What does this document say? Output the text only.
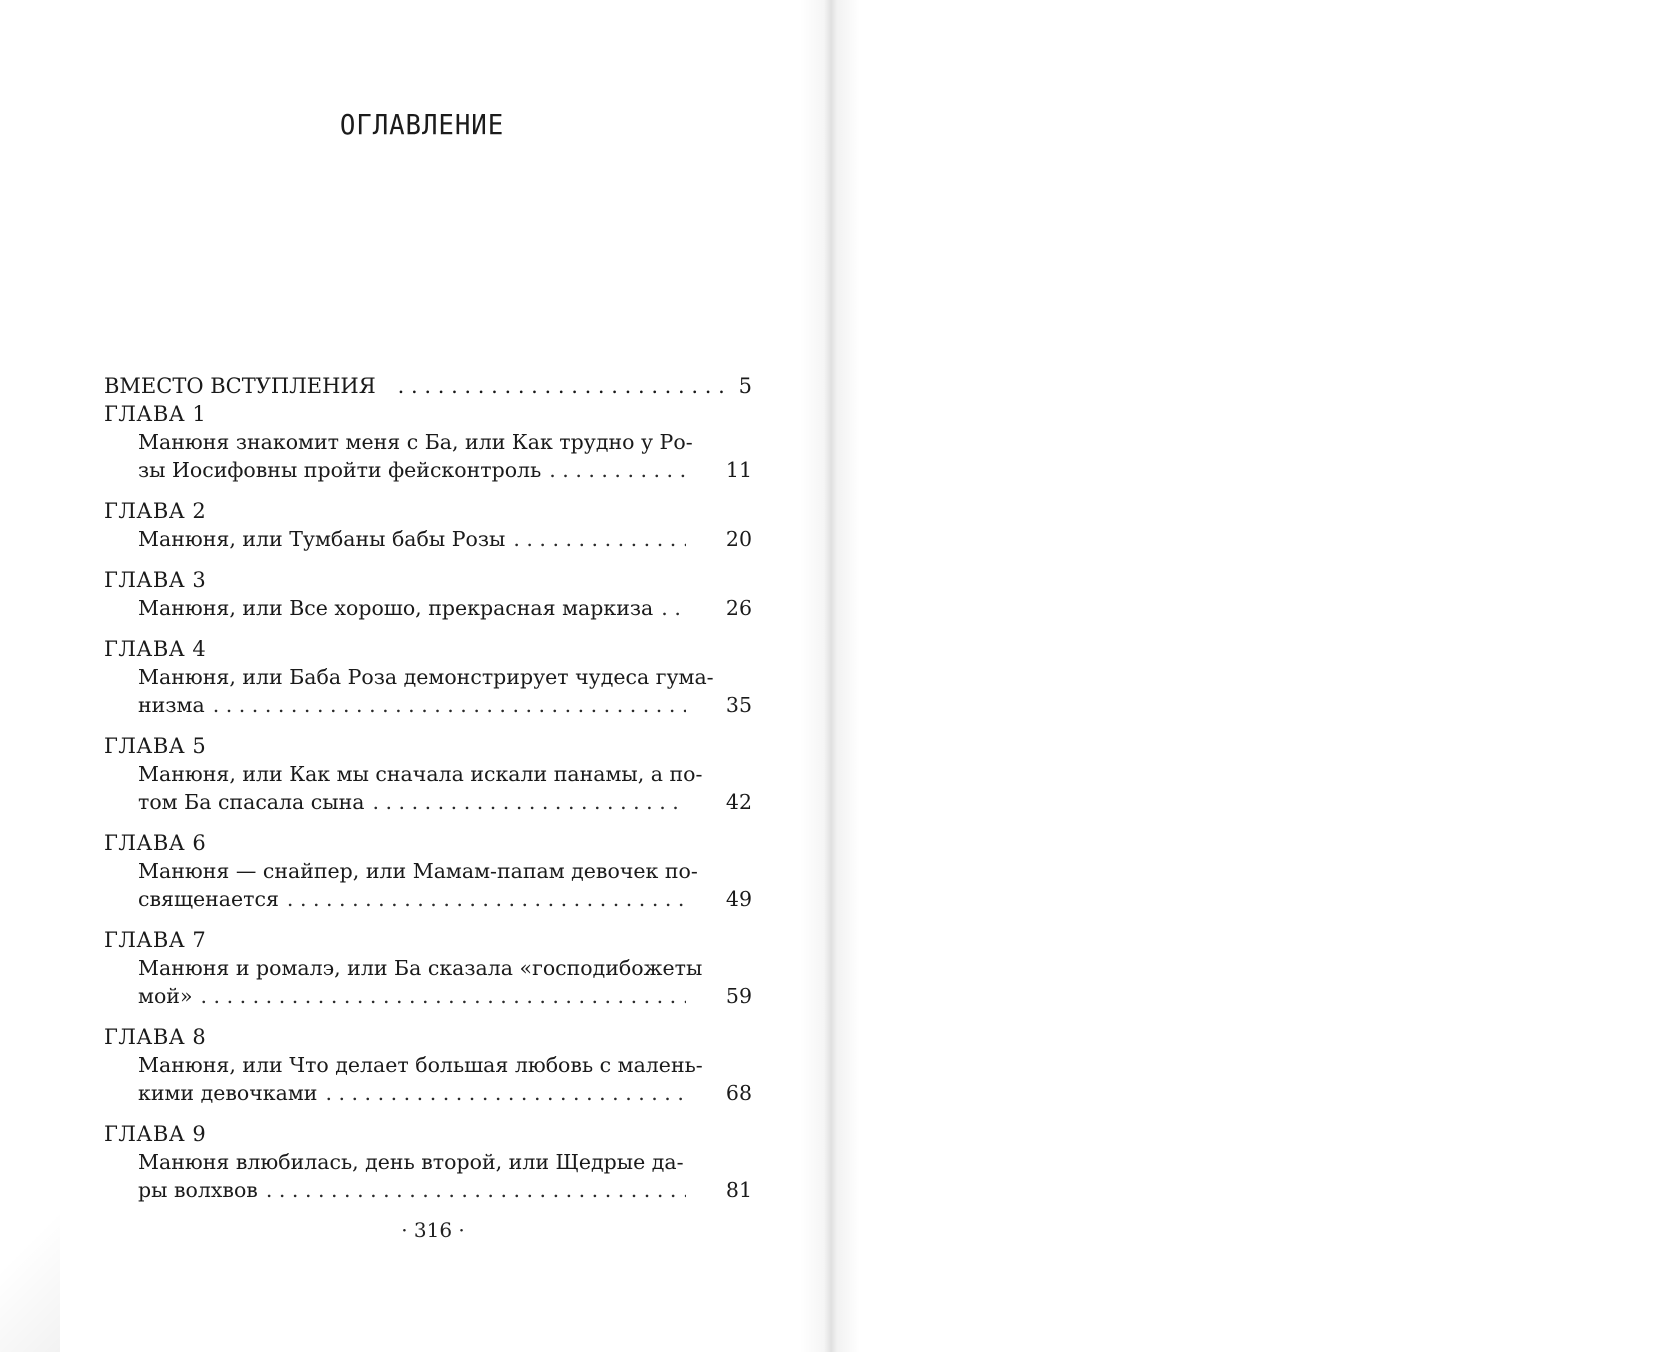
ОГЛАВЛЕНИЕ
ВМЕСТО ВСТУПЛЕНИЯ . . .	5
ГЛАВА 1
Манюня знакомит меня с Ба, или Как трудно у Ро-
зы Иосифовны пройти фейсконтроль . . .	11
ГЛАВА 2
Манюня, или Тумбаны бабы Розы . . .	20
ГЛАВА 3
Манюня, или Все хорошо, прекрасная маркиза . . .	26
ГЛАВА 4
Манюня, или Баба Роза демонстрирует чудеса гума-
низма . . .	35
ГЛАВА 5
Манюня, или Как мы сначала искали панамы, а по-
том Ба спасала сына . . .	42
ГЛАВА 6
Манюня — снайпер, или Мамам-папам девочек по-
священается . . .	49
ГЛАВА 7
Манюня и ромалэ, или Ба сказала «господибожеты
мой» . . .	59
ГЛАВА 8
Манюня, или Что делает большая любовь с малень-
кими девочками . . .	68
ГЛАВА 9
Манюня влюбилась, день второй, или Щедрые да-
ры волхвов . . .	81
· 316 ·
